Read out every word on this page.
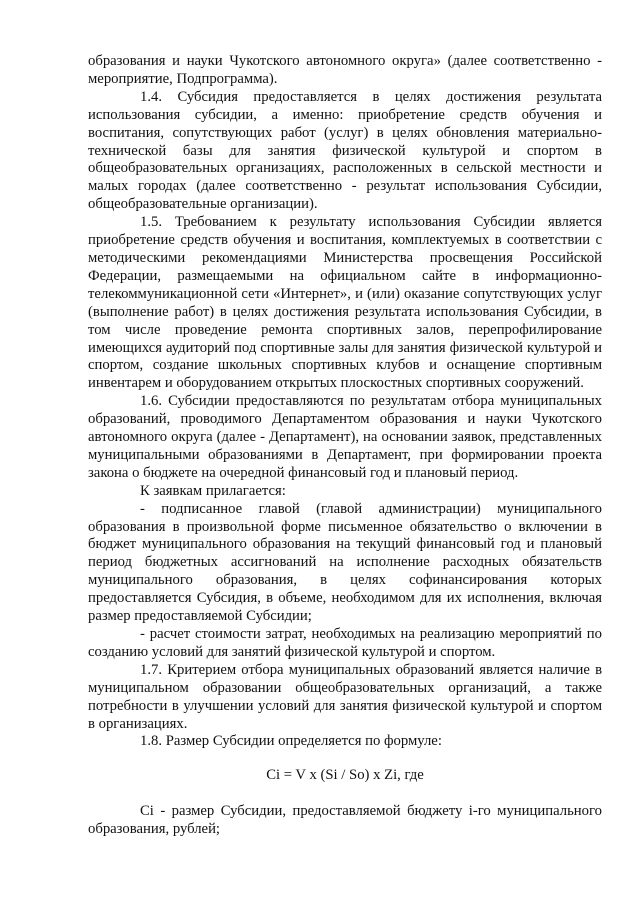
образования и науки Чукотского автономного округа» (далее соответственно - мероприятие, Подпрограмма).

1.4. Субсидия предоставляется в целях достижения результата использования субсидии, а именно: приобретение средств обучения и воспитания, сопутствующих работ (услуг) в целях обновления материально-технической базы для занятия физической культурой и спортом в общеобразовательных организациях, расположенных в сельской местности и малых городах (далее соответственно - результат использования Субсидии, общеобразовательные организации).

1.5. Требованием к результату использования Субсидии является приобретение средств обучения и воспитания, комплектуемых в соответствии с методическими рекомендациями Министерства просвещения Российской Федерации, размещаемыми на официальном сайте в информационно-телекоммуникационной сети «Интернет», и (или) оказание сопутствующих услуг (выполнение работ) в целях достижения результата использования Субсидии, в том числе проведение ремонта спортивных залов, перепрофилирование имеющихся аудиторий под спортивные залы для занятия физической культурой и спортом, создание школьных спортивных клубов и оснащение спортивным инвентарем и оборудованием открытых плоскостных спортивных сооружений.

1.6. Субсидии предоставляются по результатам отбора муниципальных образований, проводимого Департаментом образования и науки Чукотского автономного округа (далее - Департамент), на основании заявок, представленных муниципальными образованиями в Департамент, при формировании проекта закона о бюджете на очередной финансовый год и плановый период.

К заявкам прилагается:

- подписанное главой (главой администрации) муниципального образования в произвольной форме письменное обязательство о включении в бюджет муниципального образования на текущий финансовый год и плановый период бюджетных ассигнований на исполнение расходных обязательств муниципального образования, в целях софинансирования которых предоставляется Субсидия, в объеме, необходимом для их исполнения, включая размер предоставляемой Субсидии;

- расчет стоимости затрат, необходимых на реализацию мероприятий по созданию условий для занятий физической культурой и спортом.

1.7. Критерием отбора муниципальных образований является наличие в муниципальном образовании общеобразовательных организаций, а также потребности в улучшении условий для занятия физической культурой и спортом в организациях.

1.8. Размер Субсидии определяется по формуле:

Ci = V x (Si / So) x Zi, где

Ci - размер Субсидии, предоставляемой бюджету i-го муниципального образования, рублей;
